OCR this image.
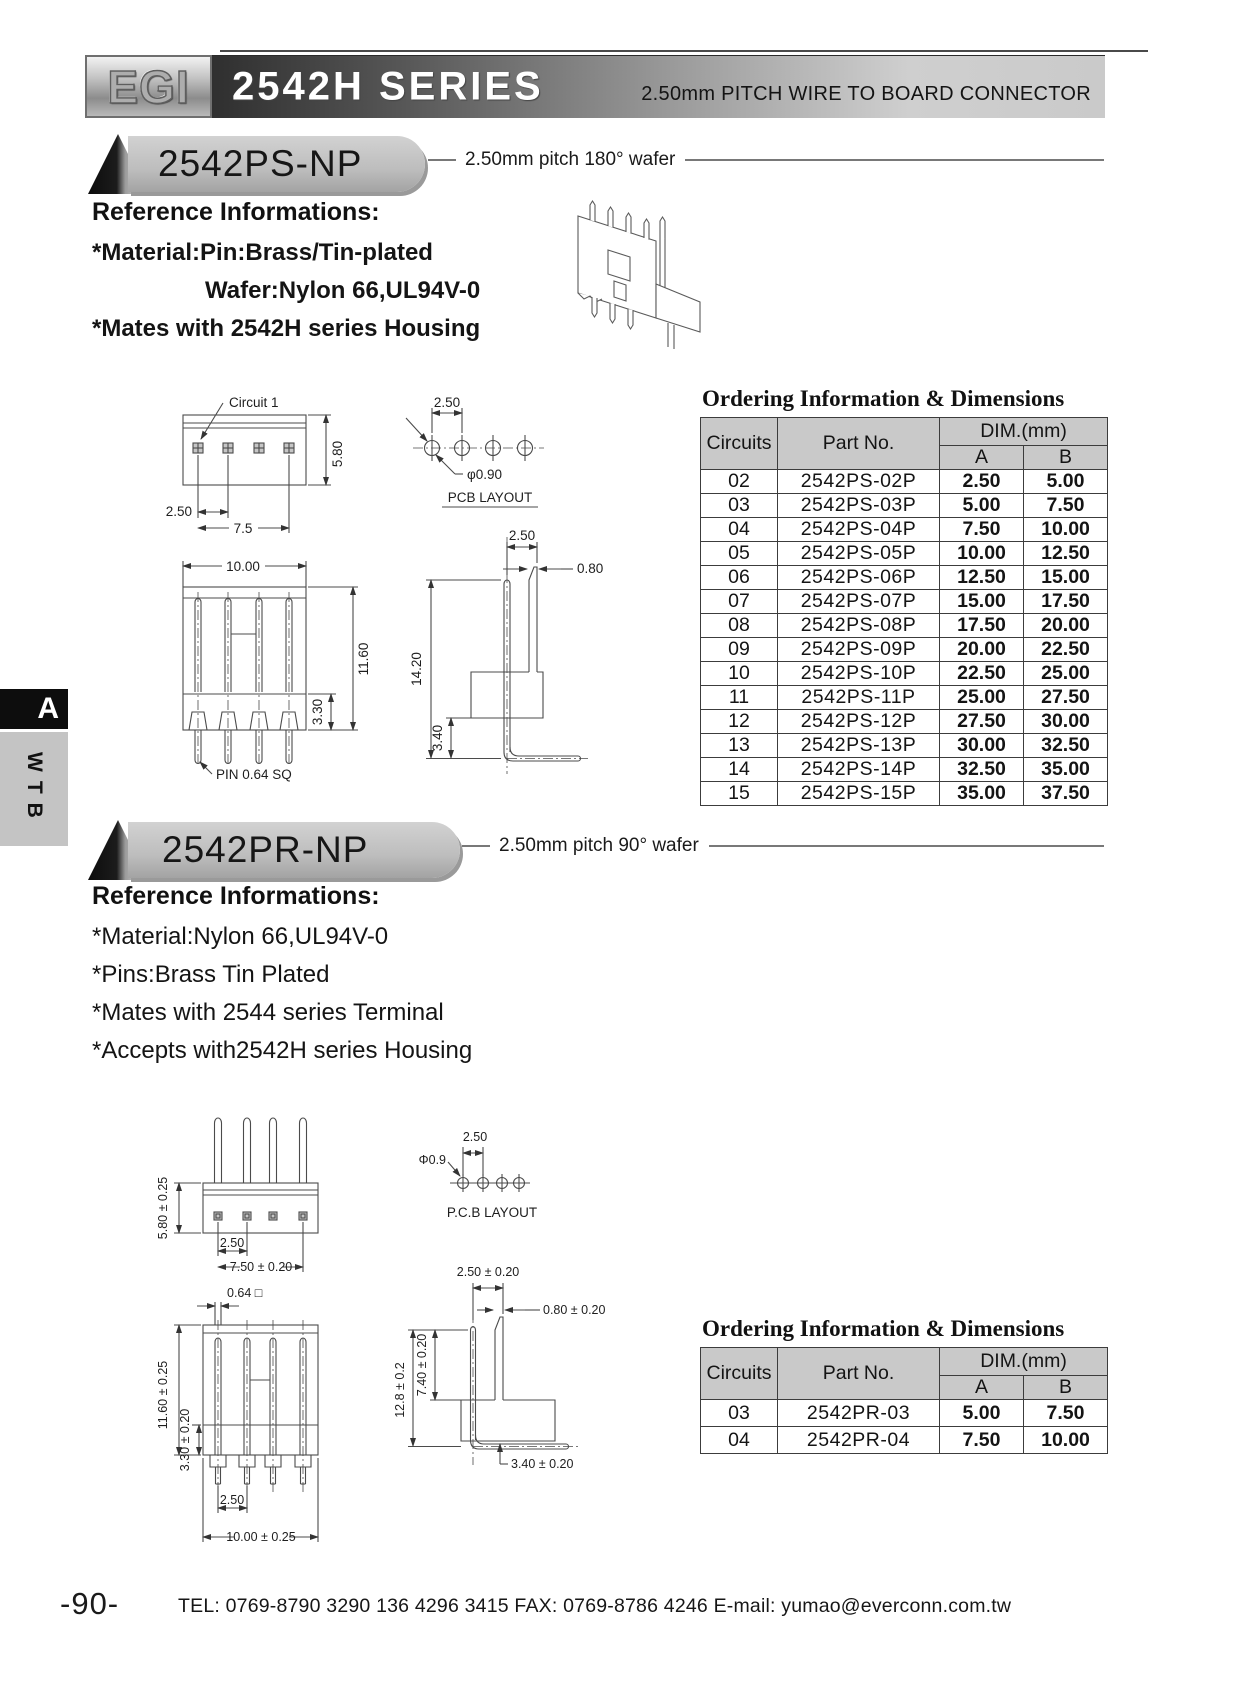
EGI 2542H SERIES	2.50mm PITCH WIRE TO BOARD CONNECTOR
2542PS-NP	2.50mm pitch 180° wafer
Reference Informations:
*Material:Pin:Brass/Tin-plated
Wafer:Nylon 66,UL94V-0
*Mates with 2542H series Housing
Circuit 1
5.80
2.50
7.5
2.50
φ0.90
PCB LAYOUT
10.00
3.30
11.60
PIN 0.64 SQ
2.50
0.80
14.20
3.40
Ordering Information & Dimensions
Circuits	Part No.	DIM.(mm)	
		A	B
02	2542PS-02P	2.50	5.00
03	2542PS-03P	5.00	7.50
04	2542PS-04P	7.50	10.00
05	2542PS-05P	10.00	12.50
06	2542PS-06P	12.50	15.00
07	2542PS-07P	15.00	17.50
08	2542PS-08P	17.50	20.00
09	2542PS-09P	20.00	22.50
10	2542PS-10P	22.50	25.00
11	2542PS-11P	25.00	27.50
12	2542PS-12P	27.50	30.00
13	2542PS-13P	30.00	32.50
14	2542PS-14P	32.50	35.00
15	2542PS-15P	35.00	37.50
A
WTB
2542PR-NP	2.50mm pitch 90° wafer
Reference Informations:
*Material:Nylon 66,UL94V-0
*Pins:Brass Tin Plated
*Mates with 2544 series Terminal
*Accepts with2542H series Housing
5.80 ± 0.25
2.50
7.50 ± 0.20
2.50
Φ0.9
P.C.B LAYOUT
0.64 □
11.60 ± 0.25
3.30 ± 0.20
2.50
10.00 ± 0.25
2.50 ± 0.20
0.80 ± 0.20
7.40 ± 0.20
12.8 ± 0.2
3.40 ± 0.20
Ordering Information & Dimensions
Circuits	Part No.	DIM.(mm)	
		A	B
03	2542PR-03	5.00	7.50
04	2542PR-04	7.50	10.00
-90-	TEL: 0769-8790 3290 136 4296 3415 FAX: 0769-8786 4246 E-mail: yumao@everconn.com.tw
